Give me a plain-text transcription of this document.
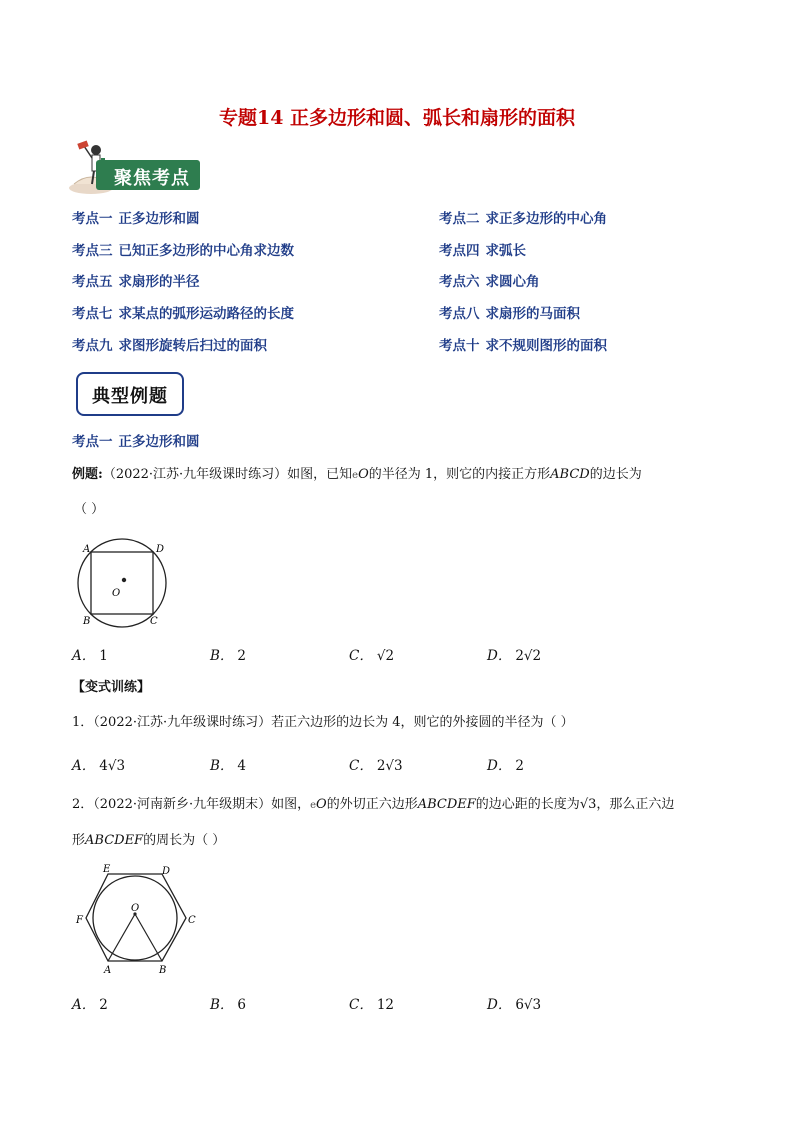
专题14 正多边形和圆、弧长和扇形的面积
聚焦考点
考点一 正多边形和圆	考点二 求正多边形的中心角
考点三 已知正多边形的中心角求边数	考点四 求弧长
考点五 求扇形的半径	考点六 求圆心角
考点七 求某点的弧形运动路径的长度	考点八 求扇形的马面积
考点九 求图形旋转后扫过的面积	考点十 求不规则图形的面积
典型例题
考点一 正多边形和圆
例题:（2022·江苏·九年级课时练习）如图，已知eO的半径为 1，则它的内接正方形ABCD的边长为
（ ）
A	D
B	C
O
A． 1	B． 2	C． √2	D． 2√2
【变式训练】
1．（2022·江苏·九年级课时练习）若正六边形的边长为 4，则它的外接圆的半径为（ ）
A． 4√3	B． 4	C． 2√3	D． 2
2．（2022·河南新乡·九年级期末）如图，eO的外切正六边形ABCDEF的边心距的长度为√3，那么正六边
形ABCDEF的周长为（ ）
E	D
F	C
A	B
O
A． 2	B． 6	C． 12	D． 6√3
